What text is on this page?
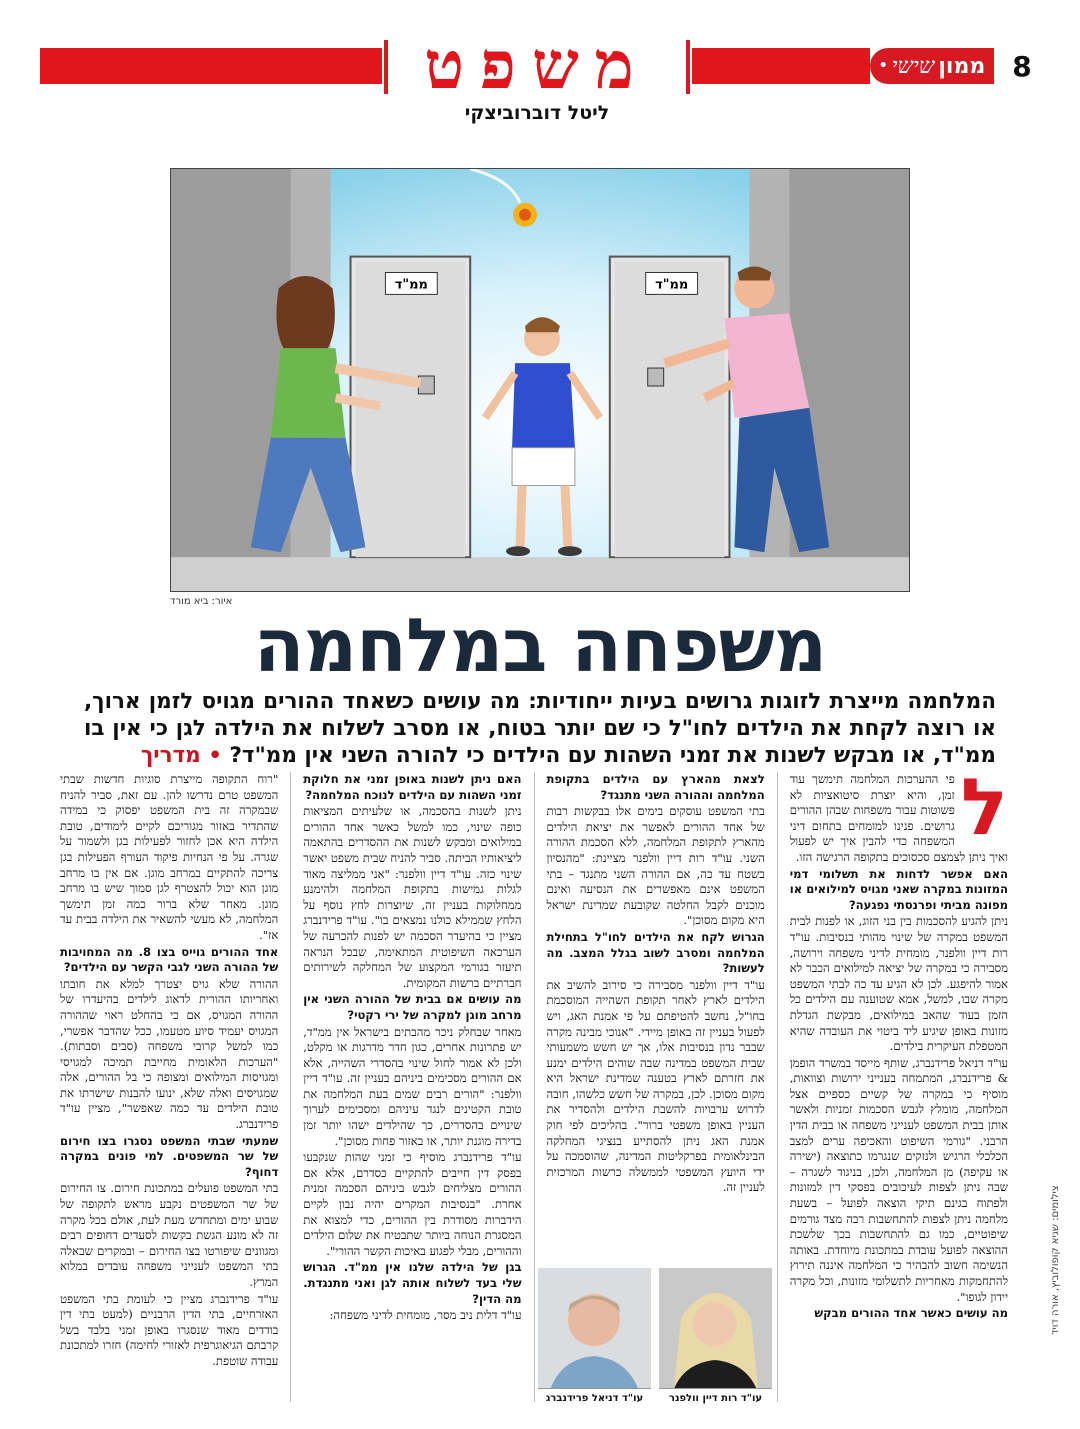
8
ממון
שישי
•
משפט
ליטל דוברוביצקי
ממ"ד	ממ"ד
איור: ביא מורד
צילומים: שגיא קופולוביץ, אורה דויד
משפחה במלחמה
המלחמה מייצרת לזוגות גרושים בעיות ייחודיות: מה עושים כשאחד ההורים מגויס לזמן ארוך, או רוצה לקחת את הילדים לחו"ל כי שם יותר בטוח, או מסרב לשלוח את הילדה לגן כי אין בו ממ"ד, או מבקש לשנות את זמני השהות עם הילדים כי להורה השני אין ממ"ד? • מדריך
ל

פי ההערכות המלחמה תימשך עוד זמן, והיא יוצרת סיטואציות לא פשוטות עבור משפחות שבהן ההורים גרושים. פנינו למומחים בתחום דיני המשפחה כדי להבין איך יש לפעול ואיך ניתן לצמצם סכסוכים בתקופה הרגישה הזו.

האם אפשר לדחות את תשלומי דמי המזונות במקרה שאני מגויס למילואים או מפונה מביתי ופרנסתי נפגעה?

ניתן להגיע להסכמות בין בני הזוג, או לפנות לבית המשפט במקרה של שינוי מהותי בנסיבות. עו"ד רות דיין וולפנר, מומחית לדיני משפחה וירושה, מסבירה כי במקרה של יציאה למילואים הכבר לא אמור להיפגע. לכן לא הגיע עד כה לבתי המשפט מקרה שבו, למשל, אמא שטוענה עם הילדים כל הזמן בעוד שהאב במילואים, מבקשת הגדלת מזונות באופן שיגיע ליד ביטוי את העובדה שהיא המטפלת העיקרית בילדים.

עו"ד דניאל פרידנברג, שותף מייסד במשרד הופמן & פרידנברג, המתמחה בענייני ירושות וצוואות, מוסיף כי במקרה של קשיים כספיים אצל המלחמה, מומלץ לגבש הסכמות זמניות ולאשר אותן בבית המשפט לענייני משפחה או בבית הדין הרבני. "גורמי השיפוט והאכיפה ערים למצב הכלכלי הרגיש ולנזקים שנגרמו כתוצאה (ישירה או עקיפה) מן המלחמה, ולכן, בניגוד לשגרה – שבה ניתן לצפות לעיכובים בפסקי דין למזונות ולפתוח בגינם תיקי הוצאה לפועל – בשעת מלחמה ניתן לצפות להתחשבות רבה מצד גורמים שיפוטיים, כמו גם להתחשבות בכך שלשכת ההוצאה לפועל עובדת במתכונת מיוחדת. באותה הנשימה חשוב להבהיר כי המלחמה איננה תירוץ להתחמקות מאחריות לתשלומי מזונות, וכל מקרה יידון לגופו".

מה עושים כאשר אחד ההורים מבקש

לצאת מהארץ עם הילדים בתקופת המלחמה וההורה השני מתנגד?

בתי המשפט עוסקים בימים אלו בבקשות רבות של אחד ההורים לאפשר את יציאת הילדים מהארץ לתקופת המלחמה, ללא הסכמת ההורה השני. עו"ד רות דיין וולפנר מציינת: "מהנסיון בשטח עד כה, אם ההורה השני מתנגד – בתי המשפט אינם מאפשרים את הנסיעה ואינם מוכנים לקבל החלטה שקובעת שמדינת ישראל היא מקום מסוכן".

הגרוש לקח את הילדים לחו"ל בתחילת המלחמה ומסרב לשוב בגלל המצב. מה לעשות?

עו"ד דיין וולפנר מסבירה כי סירוב להשיב את הילדים לארץ לאחר תקופת השהייה המוסכמת בחו"ל, נחשב להטיפתם על פי אמנת האג, ויש לפעול בעניין זה באופן מיידי. "אנוכי מבינה מקרה שבבר נדון בנסיבות אלו, אך יש חשש משמעותי שבית המשפט במדינה שבה שוהים הילדים ימנע את חזרתם לארץ בטענה שמדינת ישראל היא מקום מסוכן. לכן, במקרה של חשש כלשהו, חובה לדרוש ערבויות להשבת הילדים ולהסדיר את העניין באופן משפטי ברור". בהליכים לפי חוק אמנת האג ניתן להסתייע בנציגי המחלקה הבינלאומית בפרקליטות המדינה, שהוסמכה על ידי היועץ המשפטי לממשלה כרשות המרכזית לעניין זה.

האם ניתן לשנות באופן זמני את חלוקת זמני השהות עם הילדים לנוכח המלחמה?

ניתן לשנות בהסכמה, או שלעיתים המציאות כופה שינוי, כמו למשל כאשר אחד ההורים במילואים ומבקש לשנות את ההסדרים בהתאמה ליציאותיו הביתה. סביר להניח שבית משפט יאשר שינוי כזה. עו"ד דיין וולפנר: "אני ממליצה מאוד לגלות גמישות בתקופת המלחמה ולהימנע ממחלוקות בעניין זה, שיוצרות לחץ נוסף על הלחץ שממילא כולנו נמצאים בו". עו"ד פרידנברג מציין כי בהיעדר הסכמה יש לפנות להכרעה של הערכאה השיפוטית המתאימה, שבכל הנראה תיעזר בגורמי המקצוע של המחלקה לשירותים חברתיים ברשות המקומית.

מה עושים אם בבית של ההורה השני אין מרחב מוגן למקרה של ירי רקטי?

מאחר שבחלק ניכר מהבתים בישראל אין ממ"ד, יש פתרונות אחרים, כגון חדר מדרגות או מקלט, ולכן לא אמור לחול שינוי בהסדרי השהייה, אלא אם ההורים מסכימים ביניהם בעניין זה. עו"ד דיין וולפנר: "הורים רבים שמים בעת המלחמה את טובת הקטינים לנגד עיניהם ומסכימים לערוך שינויים בהסדרים, כך שהילדים ישהו יותר זמן בדירה מוגנת יותר, או באזור פחות מסוכן".

עו"ד פרידנברג מוסיף כי זמני שהות שנקבעו בפסק דין חייבים להתקיים כסדרם, אלא אם ההורים מצליחים לגבש ביניהם הסכמה זמנית אחרת. "בנסיבות המקרים יהיה נבון לקיים הידברות מסודרת בין ההורים, כדי למצוא את המסגרת הנוחה ביותר שתבטיח את שלום הילדים וההורים, מבלי לפגוע באיכות הקשר ההורי".

בגן של הילדה שלנו אין ממ"ד. הגרוש שלי בעד לשלוח אותה לגן ואני מתנגדת. מה הדין?

עו"ד דלית ניב מסר, מומחית לדיני משפחה:

"רוח התקופה מייצרת סוגיות חדשות שבתי המשפט טרם נדרשו להן. עם זאת, סביר להניח שבמקרה זה בית המשפט יפסוק כי במידה שהתדיר באזור מגוריכם לקיים לימודים, טובת הילדה היא אכן לחזור לפעילות בגן ולשמור על שגרה. על פי הנחיות פיקוד העורף הפעילות בגן צריכה להתקיים במרחב מוגן. אם אין בו מרחב מוגן הוא יכול להצטרף לגן סמוך שיש בו מרחב מוגן. מאחר שלא ברור כמה זמן תימשך המלחמה, לא מעשי להשאיר את הילדה בבית עד אז".

אחד ההורים גוייס בצו 8. מה המחויבות של ההורה השני לגבי הקשר עם הילדים?

ההורה שלא גויס יצטרך למלא את חובתו ואחריותו ההורית לדאוג לילדים בהיעדרו של ההורה המגויס, אם כי בהחלט ראוי שההורה המגויס יעמיד סיוע מטעמו, ככל שהדבר אפשרי, כמו למשל קרובי משפחה (סבים וסבתות). "הערכות הלאומית מחייבת תמיכה למגויסי ומגויסות המילואים ומצופה כי בל ההורים, אלה שמגויסים ואלה שלא, ינועו להבנות שישרתו את טובת הילדים עד כמה שאפשר", מציין עו"ד פרידנברג.

שמעתי שבתי המשפט נסגרו בצו חירום של שר המשפטים. למי פונים במקרה דחוף?

בתי המשפט פועלים במתכונת חירום. צו החירום של שר המשפטים נקבע מראש לתקופה של שבוע ימים ומתחדש מעת לעת, אולם בכל מקרה זה לא מונע הגשת בקשות לסעדים דחופים רבים ומגוונים שיפורטו בצו החירום – ובמקרים שבאלה בתי המשפט לענייני משפחה עובדים במלוא המרץ.

עו"ד פרידנברג מציין כי לעומת בתי המשפט האזרחיים, בתי הדין הרבניים (למעט בתי דין בודדים מאוד שנסגרו באופן זמני בלבד בשל קרבתם הגיאוגרפית לאזורי לחימה) חזרו למתכונת עבודה שוטפת.

עו"ד דניאל פרידנברג	עו"ד רות דיין וולפנר
